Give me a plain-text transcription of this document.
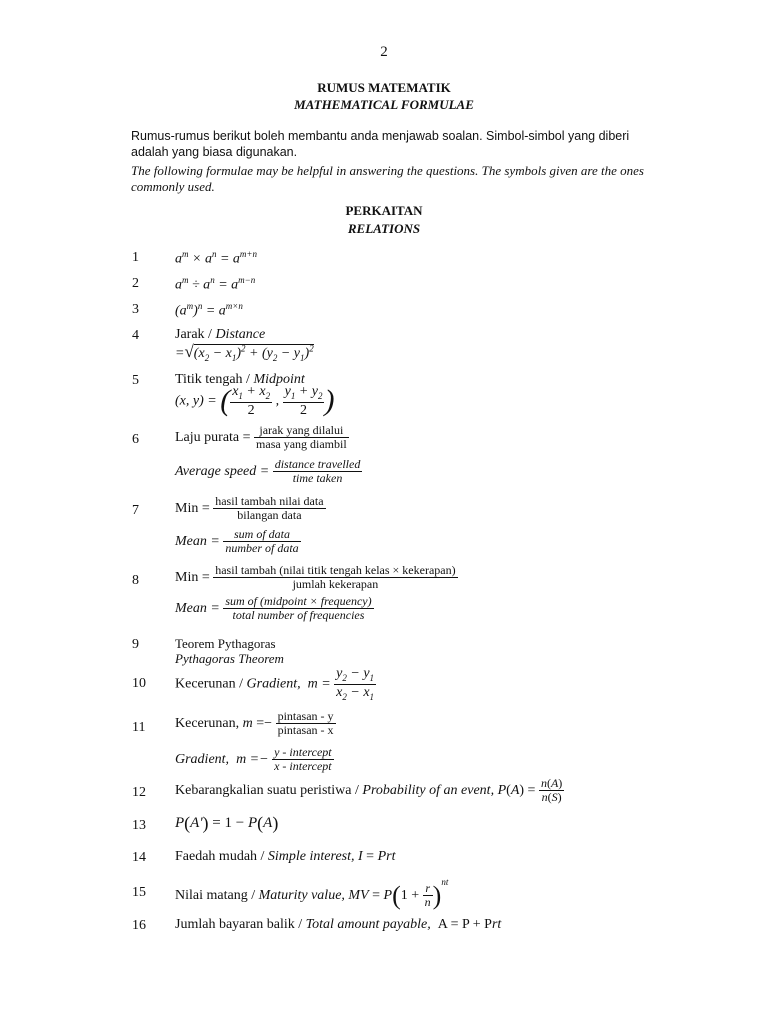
2
RUMUS MATEMATIK
MATHEMATICAL FORMULAE
Rumus-rumus berikut boleh membantu anda menjawab soalan. Simbol-simbol yang diberi adalah yang biasa digunakan.
The following formulae may be helpful in answering the questions. The symbols given are the ones commonly used.
PERKAITAN
RELATIONS
1
2
3
4
5
6
7
8
9
10
11
12
13
14
15
16
$a^m \times a^n = a^{m+n}$
$a^m \div a^n = a^{m-n}$
$(a^m)^n = a^{m\times n}$
Jarak / Distance
$=√(x_2 - x_1)^2 + (y_2 - y_1)^2$
Titik tengah / Midpoint
(x, y) = ( $\frac{x_1 + x_2}{2}$ , $\frac{y_1 + y_2}{2}$ )
Laju purata = jarak yang dilalui
masa yang diambil
Average speed = distance travelled
time taken
Min = hasil tambah nilai data
bilangan data
Mean =	sum of data
number of data
Min = hasil tambah (nilai titik tengah kelas × kekerapan)
jumlah kekerapan
Mean = sum of (midpoint × frequency)
total number of frequencies
Teorem Pythagoras
Pythagoras Theorem
Kecerunan / Gradient, $m = \frac{y_2 - y_1}{x_2 - x_1}$
Kecerunan, m =− pintasan - y
pintasan - x
Gradient,  m =− y - intercept
x - intercept
Kebarangkalian suatu peristiwa / Probability of an event, $P(A) = \frac{n(A)}{n(S)}$
P(A') = 1 − P(A)
Faedah mudah / Simple interest, I = Prt
Nilai matang / Maturity value, MV = $P(1 + \frac{r}{n} )^{nt}$
Jumlah bayaran balik / Total amount payable,  A = P + Prt
